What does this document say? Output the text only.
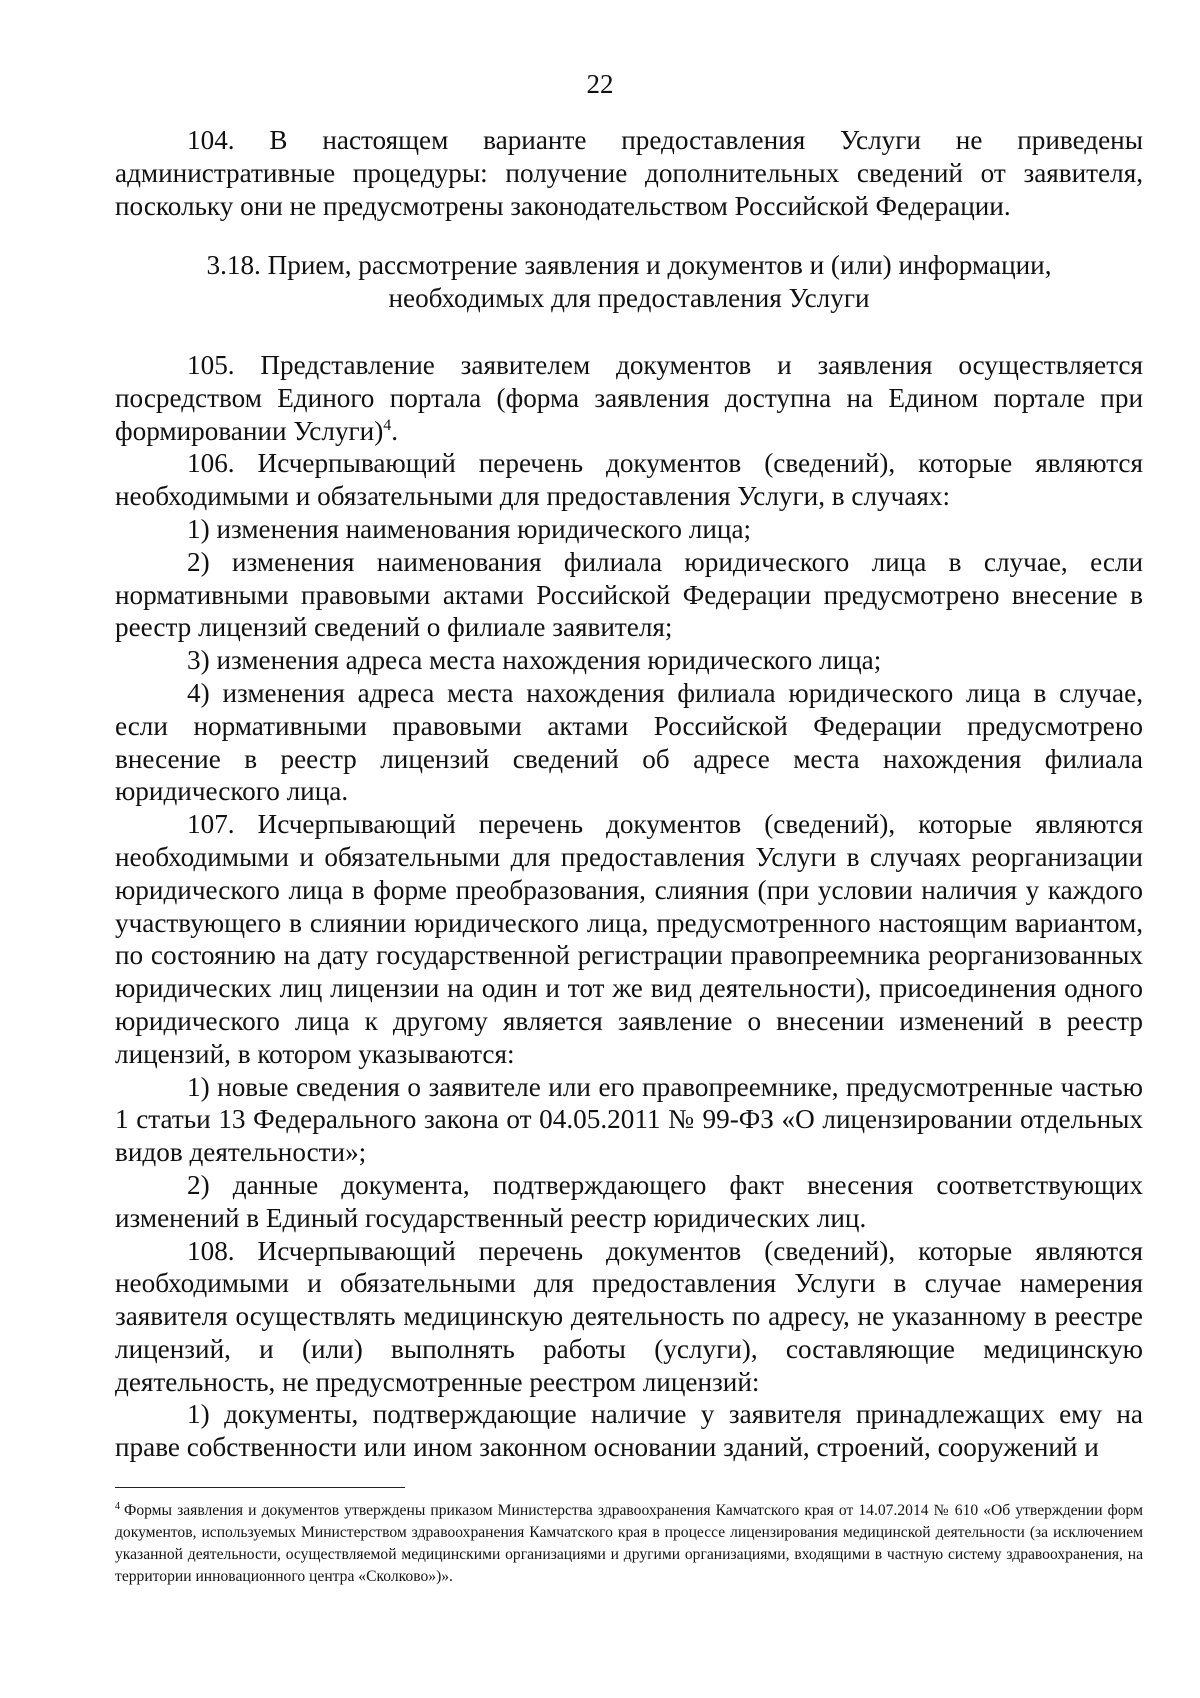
22

104. В настоящем варианте предоставления Услуги не приведены административные процедуры: получение дополнительных сведений от заявителя, поскольку они не предусмотрены законодательством Российской Федерации.

3.18. Прием, рассмотрение заявления и документов и (или) информации,
необходимых для предоставления Услуги

105. Представление заявителем документов и заявления осуществляется посредством Единого портала (форма заявления доступна на Едином портале при формировании Услуги)$^4$.

106. Исчерпывающий перечень документов (сведений), которые являются необходимыми и обязательными для предоставления Услуги, в случаях:

1) изменения наименования юридического лица;

2) изменения наименования филиала юридического лица в случае, если нормативными правовыми актами Российской Федерации предусмотрено внесение в реестр лицензий сведений о филиале заявителя;

3) изменения адреса места нахождения юридического лица;

4) изменения адреса места нахождения филиала юридического лица в случае, если нормативными правовыми актами Российской Федерации предусмотрено внесение в реестр лицензий сведений об адресе места нахождения филиала юридического лица.

107. Исчерпывающий перечень документов (сведений), которые являются необходимыми и обязательными для предоставления Услуги в случаях реорганизации юридического лица в форме преобразования, слияния (при условии наличия у каждого участвующего в слиянии юридического лица, предусмотренного настоящим вариантом, по состоянию на дату государственной регистрации правопреемника реорганизованных юридических лиц лицензии на один и тот же вид деятельности), присоединения одного юридического лица к другому является заявление о внесении изменений в реестр лицензий, в котором указываются:

1) новые сведения о заявителе или его правопреемнике, предусмотренные частью 1 статьи 13 Федерального закона от 04.05.2011 № 99-ФЗ «О лицензировании отдельных видов деятельности»;

2) данные документа, подтверждающего факт внесения соответствующих изменений в Единый государственный реестр юридических лиц.

108. Исчерпывающий перечень документов (сведений), которые являются необходимыми и обязательными для предоставления Услуги в случае намерения заявителя осуществлять медицинскую деятельность по адресу, не указанному в реестре лицензий, и (или) выполнять работы (услуги), составляющие медицинскую деятельность, не предусмотренные реестром лицензий:

1) документы, подтверждающие наличие у заявителя принадлежащих ему на праве собственности или ином законном основании зданий, строений, сооружений и

$^4$ Формы заявления и документов утверждены приказом Министерства здравоохранения Камчатского края от 14.07.2014 № 610 «Об утверждении форм документов, используемых Министерством здравоохранения Камчатского края в процессе лицензирования медицинской деятельности (за исключением указанной деятельности, осуществляемой медицинскими организациями и другими организациями, входящими в частную систему здравоохранения, на территории инновационного центра «Сколково»)».
